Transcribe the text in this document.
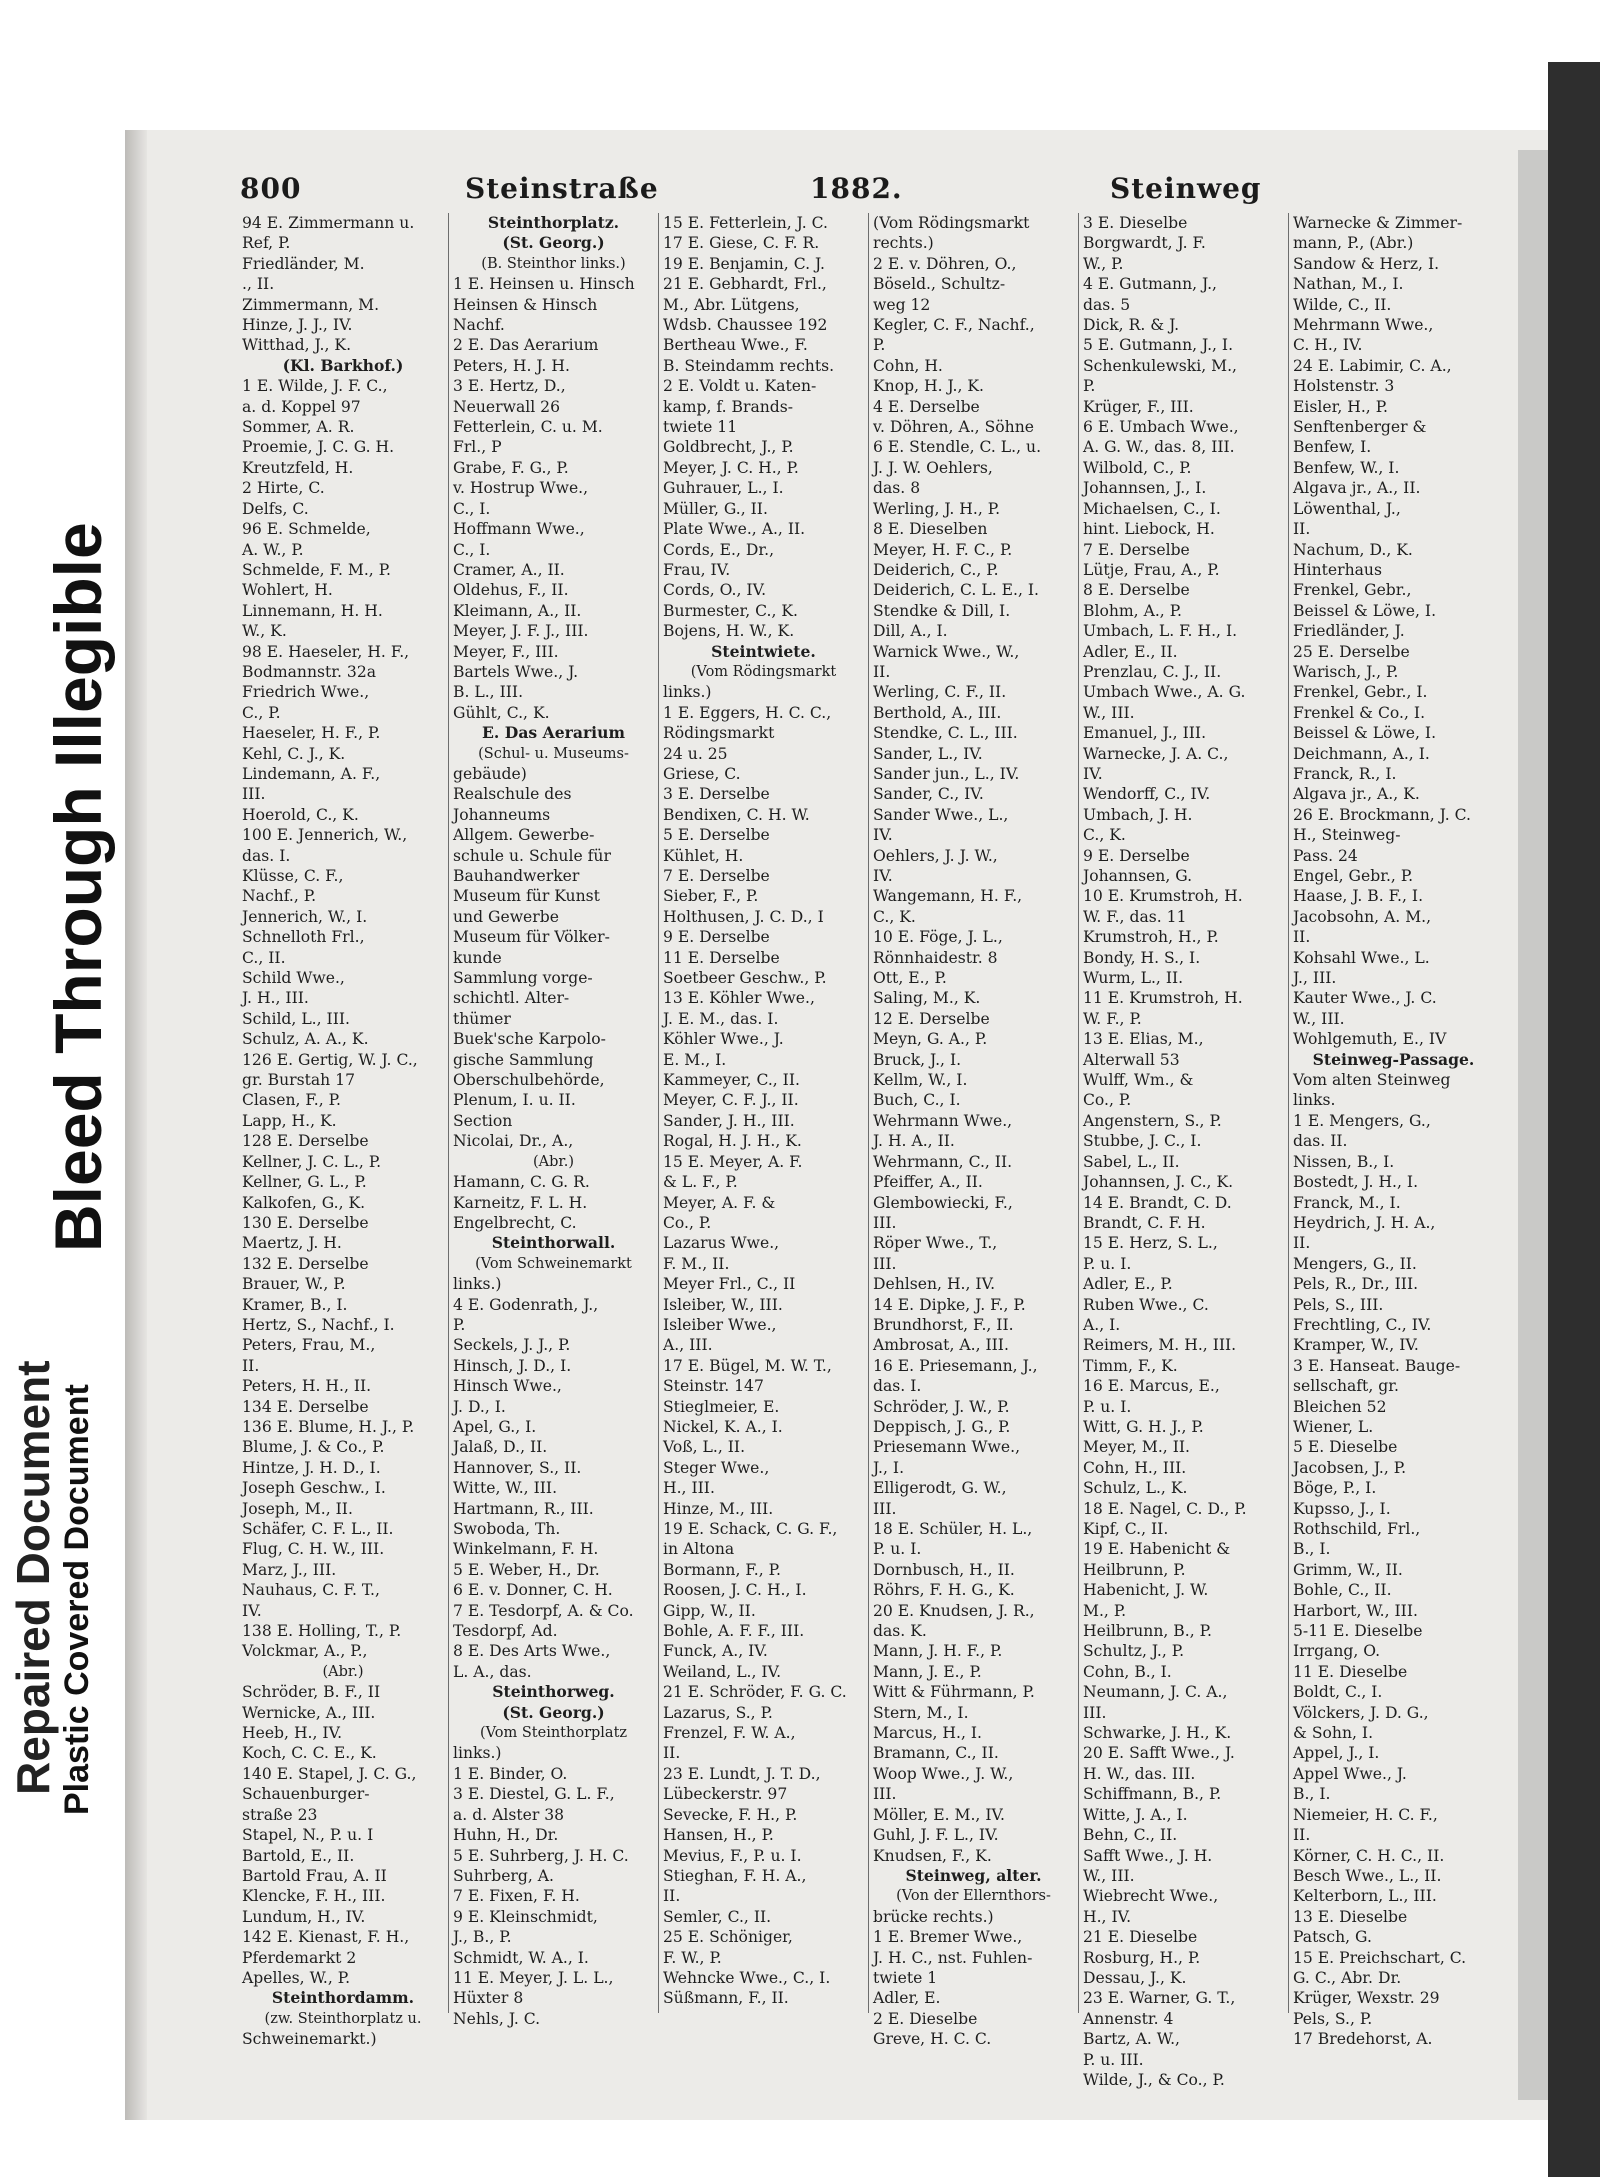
Repaired Document
Bleed Through Illegible
Plastic Covered Document
800	Steinstraße	1882.	Steinweg
94 E. Zimmermann u.
Ref, P.
Friedländer, M.
., II.
Zimmermann, M.
Hinze, J. J., IV.
Witthad, J., K.
(Kl. Barkhof.)
1 E. Wilde, J. F. C.,
a. d. Koppel 97
Sommer, A. R.
Proemie, J. C. G. H.
Kreutzfeld, H.
2 Hirte, C.
Delfs, C.
96 E. Schmelde,
A. W., P.
Schmelde, F. M., P.
Wohlert, H.
Linnemann, H. H.
W., K.
98 E. Haeseler, H. F.,
Bodmannstr. 32a
Friedrich Wwe.,
C., P.
Haeseler, H. F., P.
Kehl, C. J., K.
Lindemann, A. F.,
III.
Hoerold, C., K.
100 E. Jennerich, W.,
das. I.
Klüsse, C. F.,
Nachf., P.
Jennerich, W., I.
Schnelloth Frl.,
C., II.
Schild Wwe.,
J. H., III.
Schild, L., III.
Schulz, A. A., K.
126 E. Gertig, W. J. C.,
gr. Burstah 17
Clasen, F., P.
Lapp, H., K.
128 E. Derselbe
Kellner, J. C. L., P.
Kellner, G. L., P.
Kalkofen, G., K.
130 E. Derselbe
Maertz, J. H.
132 E. Derselbe
Brauer, W., P.
Kramer, B., I.
Hertz, S., Nachf., I.
Peters, Frau, M.,
II.
Peters, H. H., II.
134 E. Derselbe
136 E. Blume, H. J., P.
Blume, J. & Co., P.
Hintze, J. H. D., I.
Joseph Geschw., I.
Joseph, M., II.
Schäfer, C. F. L., II.
Flug, C. H. W., III.
Marz, J., III.
Nauhaus, C. F. T.,
IV.
138 E. Holling, T., P.
Volckmar, A., P.,
(Abr.)
Schröder, B. F., II
Wernicke, A., III.
Heeb, H., IV.
Koch, C. C. E., K.
140 E. Stapel, J. C. G.,
Schauenburger-
straße 23
Stapel, N., P. u. I
Bartold, E., II.
Bartold Frau, A. II
Klencke, F. H., III.
Lundum, H., IV.
142 E. Kienast, F. H.,
Pferdemarkt 2
Apelles, W., P.
Steinthordamm.
(zw. Steinthorplatz u.
Schweinemarkt.)
Steinthorplatz.
(St. Georg.)
(B. Steinthor links.)
1 E. Heinsen u. Hinsch
Heinsen & Hinsch
Nachf.
2 E. Das Aerarium
Peters, H. J. H.
3 E. Hertz, D.,
Neuerwall 26
Fetterlein, C. u. M.
Frl., P
Grabe, F. G., P.
v. Hostrup Wwe.,
C., I.
Hoffmann Wwe.,
C., I.
Cramer, A., II.
Oldehus, F., II.
Kleimann, A., II.
Meyer, J. F. J., III.
Meyer, F., III.
Bartels Wwe., J.
B. L., III.
Gühlt, C., K.
E. Das Aerarium
(Schul- u. Museums-
gebäude)
Realschule des
Johanneums
Allgem. Gewerbe-
schule u. Schule für
Bauhandwerker
Museum für Kunst
und Gewerbe
Museum für Völker-
kunde
Sammlung vorge-
schichtl. Alter-
thümer
Buek'sche Karpolo-
gische Sammlung
Oberschulbehörde,
Plenum, I. u. II.
Section
Nicolai, Dr., A.,
(Abr.)
Hamann, C. G. R.
Karneitz, F. L. H.
Engelbrecht, C.
Steinthorwall.
(Vom Schweinemarkt
links.)
4 E. Godenrath, J.,
P.
Seckels, J. J., P.
Hinsch, J. D., I.
Hinsch Wwe.,
J. D., I.
Apel, G., I.
Jalaß, D., II.
Hannover, S., II.
Witte, W., III.
Hartmann, R., III.
Swoboda, Th.
Winkelmann, F. H.
5 E. Weber, H., Dr.
6 E. v. Donner, C. H.
7 E. Tesdorpf, A. & Co.
Tesdorpf, Ad.
8 E. Des Arts Wwe.,
L. A., das.
Steinthorweg.
(St. Georg.)
(Vom Steinthorplatz
links.)
1 E. Binder, O.
3 E. Diestel, G. L. F.,
a. d. Alster 38
Huhn, H., Dr.
5 E. Suhrberg, J. H. C.
Suhrberg, A.
7 E. Fixen, F. H.
9 E. Kleinschmidt,
J., B., P.
Schmidt, W. A., I.
11 E. Meyer, J. L. L.,
Hüxter 8
Nehls, J. C.
15 E. Fetterlein, J. C.
17 E. Giese, C. F. R.
19 E. Benjamin, C. J.
21 E. Gebhardt, Frl.,
M., Abr. Lütgens,
Wdsb. Chaussee 192
Bertheau Wwe., F.
B. Steindamm rechts.
2 E. Voldt u. Katen-
kamp, f. Brands-
twiete 11
Goldbrecht, J., P.
Meyer, J. C. H., P.
Guhrauer, L., I.
Müller, G., II.
Plate Wwe., A., II.
Cords, E., Dr.,
Frau, IV.
Cords, O., IV.
Burmester, C., K.
Bojens, H. W., K.
Steintwiete.
(Vom Rödingsmarkt
links.)
1 E. Eggers, H. C. C.,
Rödingsmarkt
24 u. 25
Griese, C.
3 E. Derselbe
Bendixen, C. H. W.
5 E. Derselbe
Kühlet, H.
7 E. Derselbe
Sieber, F., P.
Holthusen, J. C. D., I
9 E. Derselbe
11 E. Derselbe
Soetbeer Geschw., P.
13 E. Köhler Wwe.,
J. E. M., das. I.
Köhler Wwe., J.
E. M., I.
Kammeyer, C., II.
Meyer, C. F. J., II.
Sander, J. H., III.
Rogal, H. J. H., K.
15 E. Meyer, A. F.
& L. F., P.
Meyer, A. F. &
Co., P.
Lazarus Wwe.,
F. M., II.
Meyer Frl., C., II
Isleiber, W., III.
Isleiber Wwe.,
A., III.
17 E. Bügel, M. W. T.,
Steinstr. 147
Stieglmeier, E.
Nickel, K. A., I.
Voß, L., II.
Steger Wwe.,
H., III.
Hinze, M., III.
19 E. Schack, C. G. F.,
in Altona
Bormann, F., P.
Roosen, J. C. H., I.
Gipp, W., II.
Bohle, A. F. F., III.
Funck, A., IV.
Weiland, L., IV.
21 E. Schröder, F. G. C.
Lazarus, S., P.
Frenzel, F. W. A.,
II.
23 E. Lundt, J. T. D.,
Lübeckerstr. 97
Sevecke, F. H., P.
Hansen, H., P.
Mevius, F., P. u. I.
Stieghan, F. H. A.,
II.
Semler, C., II.
25 E. Schöniger,
F. W., P.
Wehncke Wwe., C., I.
Süßmann, F., II.
(Vom Rödingsmarkt
rechts.)
2 E. v. Döhren, O.,
Böseld., Schultz-
weg 12
Kegler, C. F., Nachf.,
P.
Cohn, H.
Knop, H. J., K.
4 E. Derselbe
v. Döhren, A., Söhne
6 E. Stendle, C. L., u.
J. J. W. Oehlers,
das. 8
Werling, J. H., P.
8 E. Dieselben
Meyer, H. F. C., P.
Deiderich, C., P.
Deiderich, C. L. E., I.
Stendke & Dill, I.
Dill, A., I.
Warnick Wwe., W.,
II.
Werling, C. F., II.
Berthold, A., III.
Stendke, C. L., III.
Sander, L., IV.
Sander jun., L., IV.
Sander, C., IV.
Sander Wwe., L.,
IV.
Oehlers, J. J. W.,
IV.
Wangemann, H. F.,
C., K.
10 E. Föge, J. L.,
Rönnhaidestr. 8
Ott, E., P.
Saling, M., K.
12 E. Derselbe
Meyn, G. A., P.
Bruck, J., I.
Kellm, W., I.
Buch, C., I.
Wehrmann Wwe.,
J. H. A., II.
Wehrmann, C., II.
Pfeiffer, A., II.
Glembowiecki, F.,
III.
Röper Wwe., T.,
III.
Dehlsen, H., IV.
14 E. Dipke, J. F., P.
Brundhorst, F., II.
Ambrosat, A., III.
16 E. Priesemann, J.,
das. I.
Schröder, J. W., P.
Deppisch, J. G., P.
Priesemann Wwe.,
J., I.
Elligerodt, G. W.,
III.
18 E. Schüler, H. L.,
P. u. I.
Dornbusch, H., II.
Röhrs, F. H. G., K.
20 E. Knudsen, J. R.,
das. K.
Mann, J. H. F., P.
Mann, J. E., P.
Witt & Führmann, P.
Stern, M., I.
Marcus, H., I.
Bramann, C., II.
Woop Wwe., J. W.,
III.
Möller, E. M., IV.
Guhl, J. F. L., IV.
Knudsen, F., K.
Steinweg, alter.
(Von der Ellernthors-
brücke rechts.)
1 E. Bremer Wwe.,
J. H. C., nst. Fuhlen-
twiete 1
Adler, E.
2 E. Dieselbe
Greve, H. C. C.
3 E. Dieselbe
Borgwardt, J. F.
W., P.
4 E. Gutmann, J.,
das. 5
Dick, R. & J.
5 E. Gutmann, J., I.
Schenkulewski, M.,
P.
Krüger, F., III.
6 E. Umbach Wwe.,
A. G. W., das. 8, III.
Wilbold, C., P.
Johannsen, J., I.
Michaelsen, C., I.
hint. Liebock, H.
7 E. Derselbe
Lütje, Frau, A., P.
8 E. Derselbe
Blohm, A., P.
Umbach, L. F. H., I.
Adler, E., II.
Prenzlau, C. J., II.
Umbach Wwe., A. G.
W., III.
Emanuel, J., III.
Warnecke, J. A. C.,
IV.
Wendorff, C., IV.
Umbach, J. H.
C., K.
9 E. Derselbe
Johannsen, G.
10 E. Krumstroh, H.
W. F., das. 11
Krumstroh, H., P.
Bondy, H. S., I.
Wurm, L., II.
11 E. Krumstroh, H.
W. F., P.
13 E. Elias, M.,
Alterwall 53
Wulff, Wm., &
Co., P.
Angenstern, S., P.
Stubbe, J. C., I.
Sabel, L., II.
Johannsen, J. C., K.
14 E. Brandt, C. D.
Brandt, C. F. H.
15 E. Herz, S. L.,
P. u. I.
Adler, E., P.
Ruben Wwe., C.
A., I.
Reimers, M. H., III.
Timm, F., K.
16 E. Marcus, E.,
P. u. I.
Witt, G. H. J., P.
Meyer, M., II.
Cohn, H., III.
Schulz, L., K.
18 E. Nagel, C. D., P.
Kipf, C., II.
19 E. Habenicht &
Heilbrunn, P.
Habenicht, J. W.
M., P.
Heilbrunn, B., P.
Schultz, J., P.
Cohn, B., I.
Neumann, J. C. A.,
III.
Schwarke, J. H., K.
20 E. Safft Wwe., J.
H. W., das. III.
Schiffmann, B., P.
Witte, J. A., I.
Behn, C., II.
Safft Wwe., J. H.
W., III.
Wiebrecht Wwe.,
H., IV.
21 E. Dieselbe
Rosburg, H., P.
Dessau, J., K.
23 E. Warner, G. T.,
Annenstr. 4
Bartz, A. W.,
P. u. III.
Wilde, J., & Co., P.
Warnecke & Zimmer-
mann, P., (Abr.)
Sandow & Herz, I.
Nathan, M., I.
Wilde, C., II.
Mehrmann Wwe.,
C. H., IV.
24 E. Labimir, C. A.,
Holstenstr. 3
Eisler, H., P.
Senftenberger &
Benfew, I.
Benfew, W., I.
Algava jr., A., II.
Löwenthal, J.,
II.
Nachum, D., K.
Hinterhaus
Frenkel, Gebr.,
Beissel & Löwe, I.
Friedländer, J.
25 E. Derselbe
Warisch, J., P.
Frenkel, Gebr., I.
Frenkel & Co., I.
Beissel & Löwe, I.
Deichmann, A., I.
Franck, R., I.
Algava jr., A., K.
26 E. Brockmann, J. C.
H., Steinweg-
Pass. 24
Engel, Gebr., P.
Haase, J. B. F., I.
Jacobsohn, A. M.,
II.
Kohsahl Wwe., L.
J., III.
Kauter Wwe., J. C.
W., III.
Wohlgemuth, E., IV
Steinweg-Passage.
Vom alten Steinweg
links.
1 E. Mengers, G.,
das. II.
Nissen, B., I.
Bostedt, J. H., I.
Franck, M., I.
Heydrich, J. H. A.,
II.
Mengers, G., II.
Pels, R., Dr., III.
Pels, S., III.
Frechtling, C., IV.
Kramper, W., IV.
3 E. Hanseat. Bauge-
sellschaft, gr.
Bleichen 52
Wiener, L.
5 E. Dieselbe
Jacobsen, J., P.
Böge, P., I.
Kupsso, J., I.
Rothschild, Frl.,
B., I.
Grimm, W., II.
Bohle, C., II.
Harbort, W., III.
5-11 E. Dieselbe
Irrgang, O.
11 E. Dieselbe
Boldt, C., I.
Völckers, J. D. G.,
& Sohn, I.
Appel, J., I.
Appel Wwe., J.
B., I.
Niemeier, H. C. F.,
II.
Körner, C. H. C., II.
Besch Wwe., L., II.
Kelterborn, L., III.
13 E. Dieselbe
Patsch, G.
15 E. Preichschart, C.
G. C., Abr. Dr.
Krüger, Wexstr. 29
Pels, S., P.
17 Bredehorst, A.
